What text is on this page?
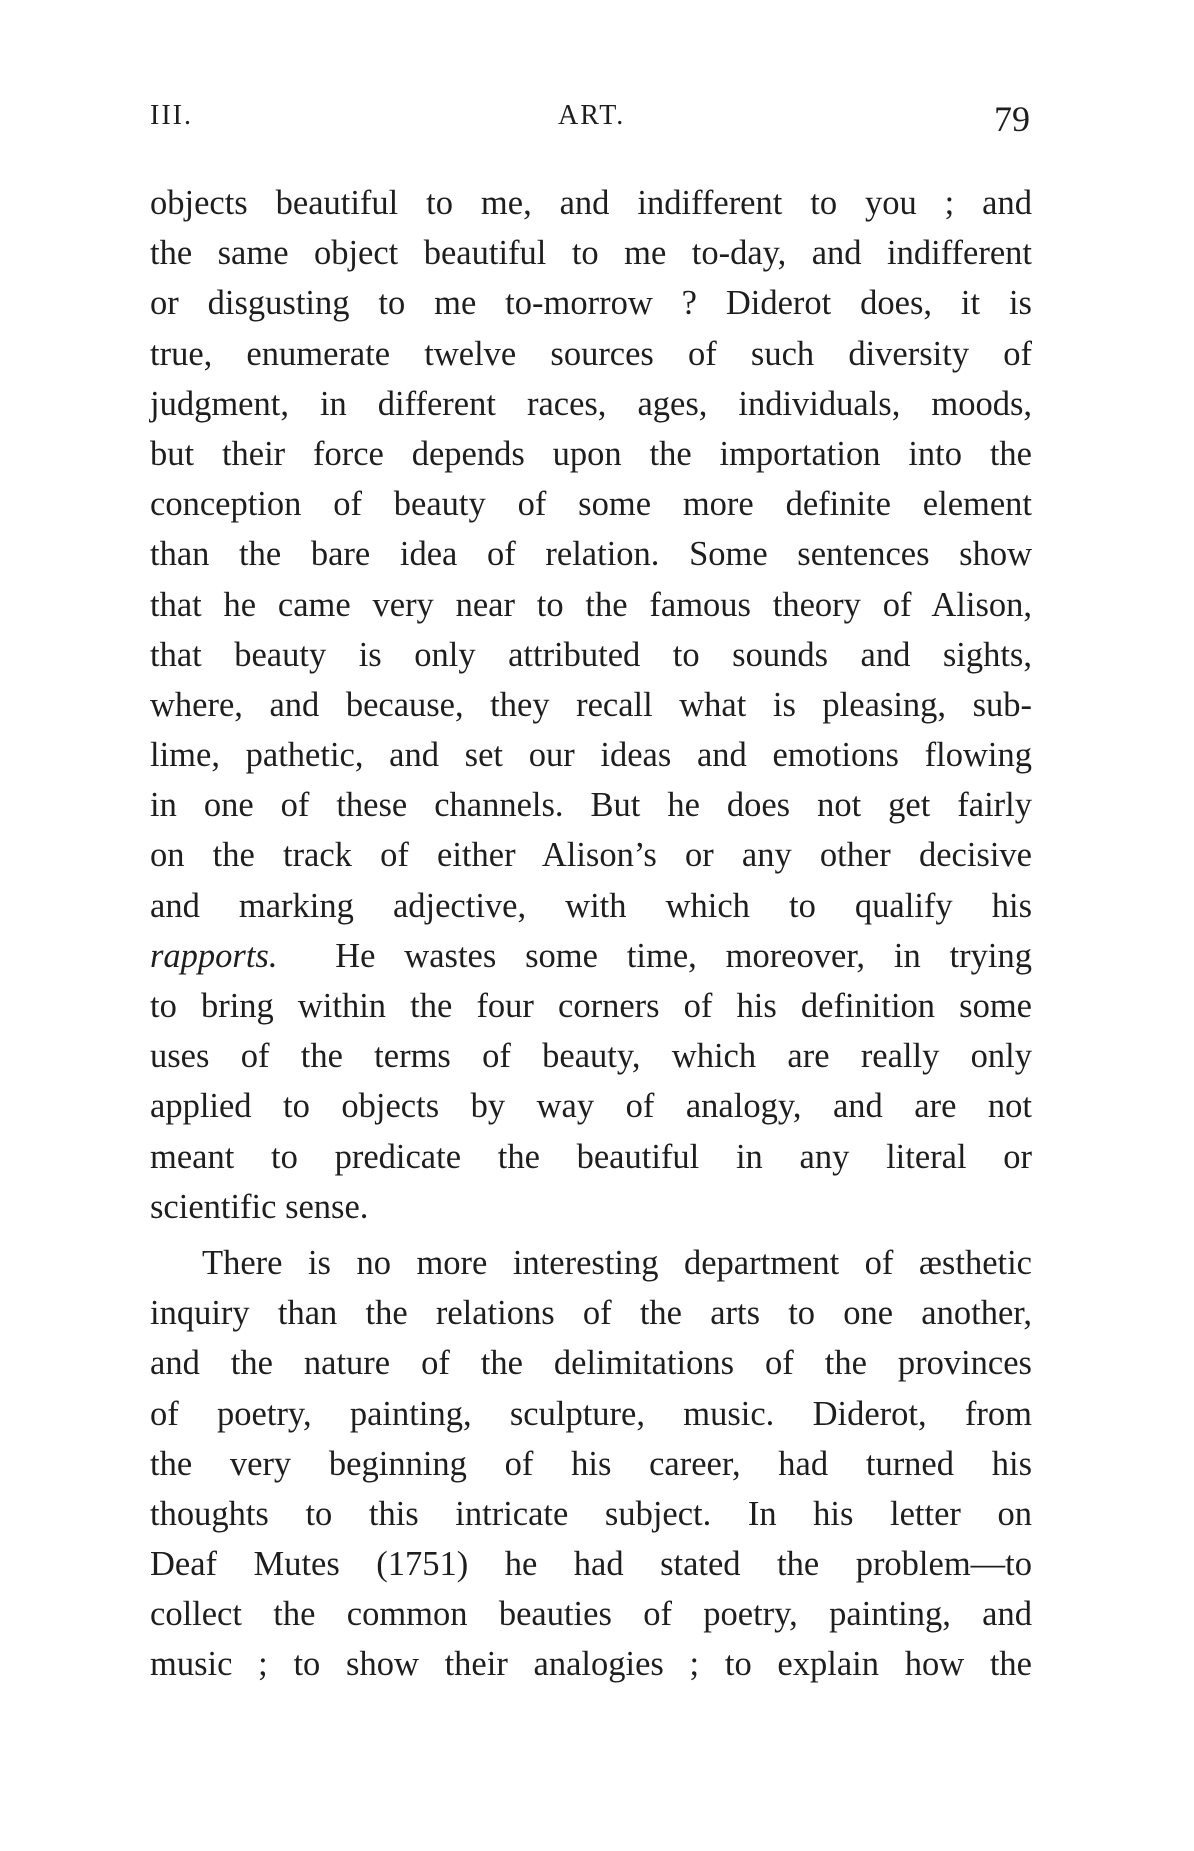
III.	ART.	79
objects beautiful to me, and indifferent to you ; and
the same object beautiful to me to-day, and indifferent
or disgusting to me to-morrow ? Diderot does, it is
true, enumerate twelve sources of such diversity of
judgment, in different races, ages, individuals, moods,
but their force depends upon the importation into the
conception of beauty of some more definite element
than the bare idea of relation. Some sentences show
that he came very near to the famous theory of Alison,
that beauty is only attributed to sounds and sights,
where, and because, they recall what is pleasing, sub-
lime, pathetic, and set our ideas and emotions flowing
in one of these channels. But he does not get fairly
on the track of either Alison’s or any other decisive
and marking adjective, with which to qualify his
rapports. He wastes some time, moreover, in trying
to bring within the four corners of his definition some
uses of the terms of beauty, which are really only
applied to objects by way of analogy, and are not
meant to predicate the beautiful in any literal or
scientific sense.
There is no more interesting department of æsthetic
inquiry than the relations of the arts to one another,
and the nature of the delimitations of the provinces
of poetry, painting, sculpture, music. Diderot, from
the very beginning of his career, had turned his
thoughts to this intricate subject. In his letter on
Deaf Mutes (1751) he had stated the problem—to
collect the common beauties of poetry, painting, and
music ; to show their analogies ; to explain how the
